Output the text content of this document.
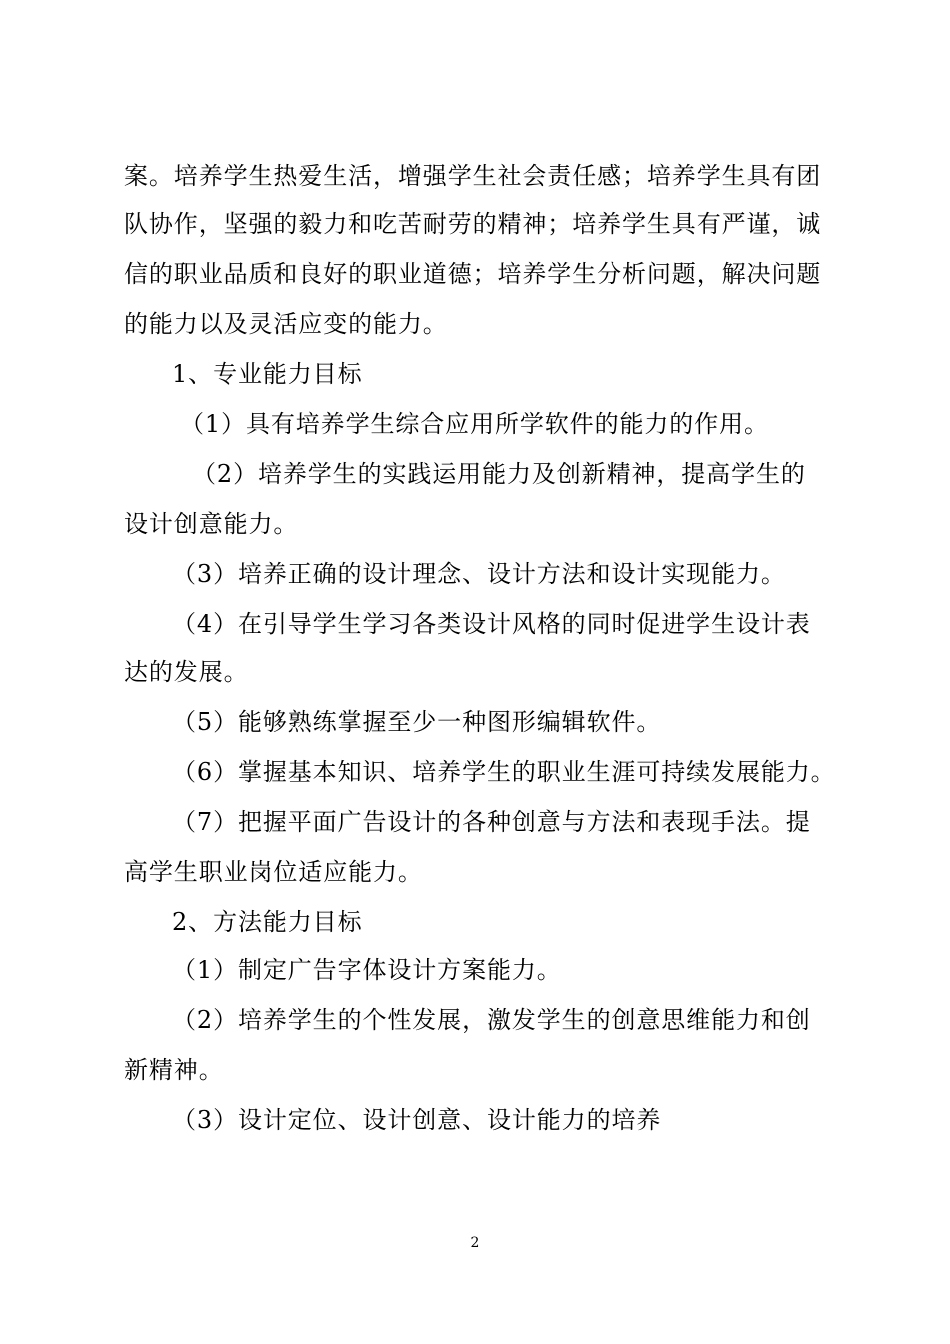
案。培养学生热爱生活，增强学生社会责任感；培养学生具有团
队协作，坚强的毅力和吃苦耐劳的精神；培养学生具有严谨，诚
信的职业品质和良好的职业道德；培养学生分析问题，解决问题
的能力以及灵活应变的能力。
1、专业能力目标
（1）具有培养学生综合应用所学软件的能力的作用。
（2）培养学生的实践运用能力及创新精神，提高学生的
设计创意能力。
（3）培养正确的设计理念、设计方法和设计实现能力。
（4）在引导学生学习各类设计风格的同时促进学生设计表
达的发展。
（5）能够熟练掌握至少一种图形编辑软件。
（6）掌握基本知识、培养学生的职业生涯可持续发展能力。
（7）把握平面广告设计的各种创意与方法和表现手法。提
高学生职业岗位适应能力。
2、方法能力目标
（1）制定广告字体设计方案能力。
（2）培养学生的个性发展，激发学生的创意思维能力和创
新精神。
（3）设计定位、设计创意、设计能力的培养
2
